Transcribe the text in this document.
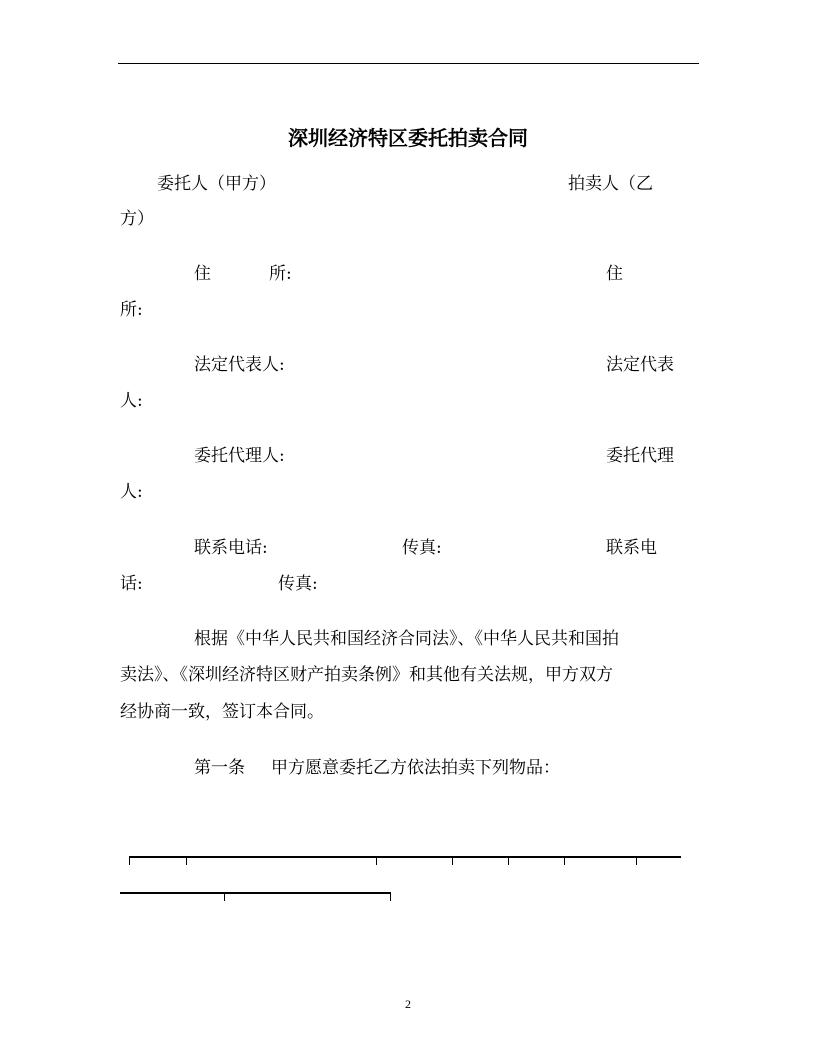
深圳经济特区委托拍卖合同
委托人（甲方）	拍卖人（乙
方）
住	所:	住
所:
法定代表人:	法定代表
人:
委托代理人:	委托代理
人:
联系电话:	传真:	联系电
话:	传真:
根据《中华人民共和国经济合同法》、《中华人民共和国拍
卖法》、《深圳经济特区财产拍卖条例》和其他有关法规，甲方双方
经协商一致，签订本合同。
第一条 甲方愿意委托乙方依法拍卖下列物品：
2
